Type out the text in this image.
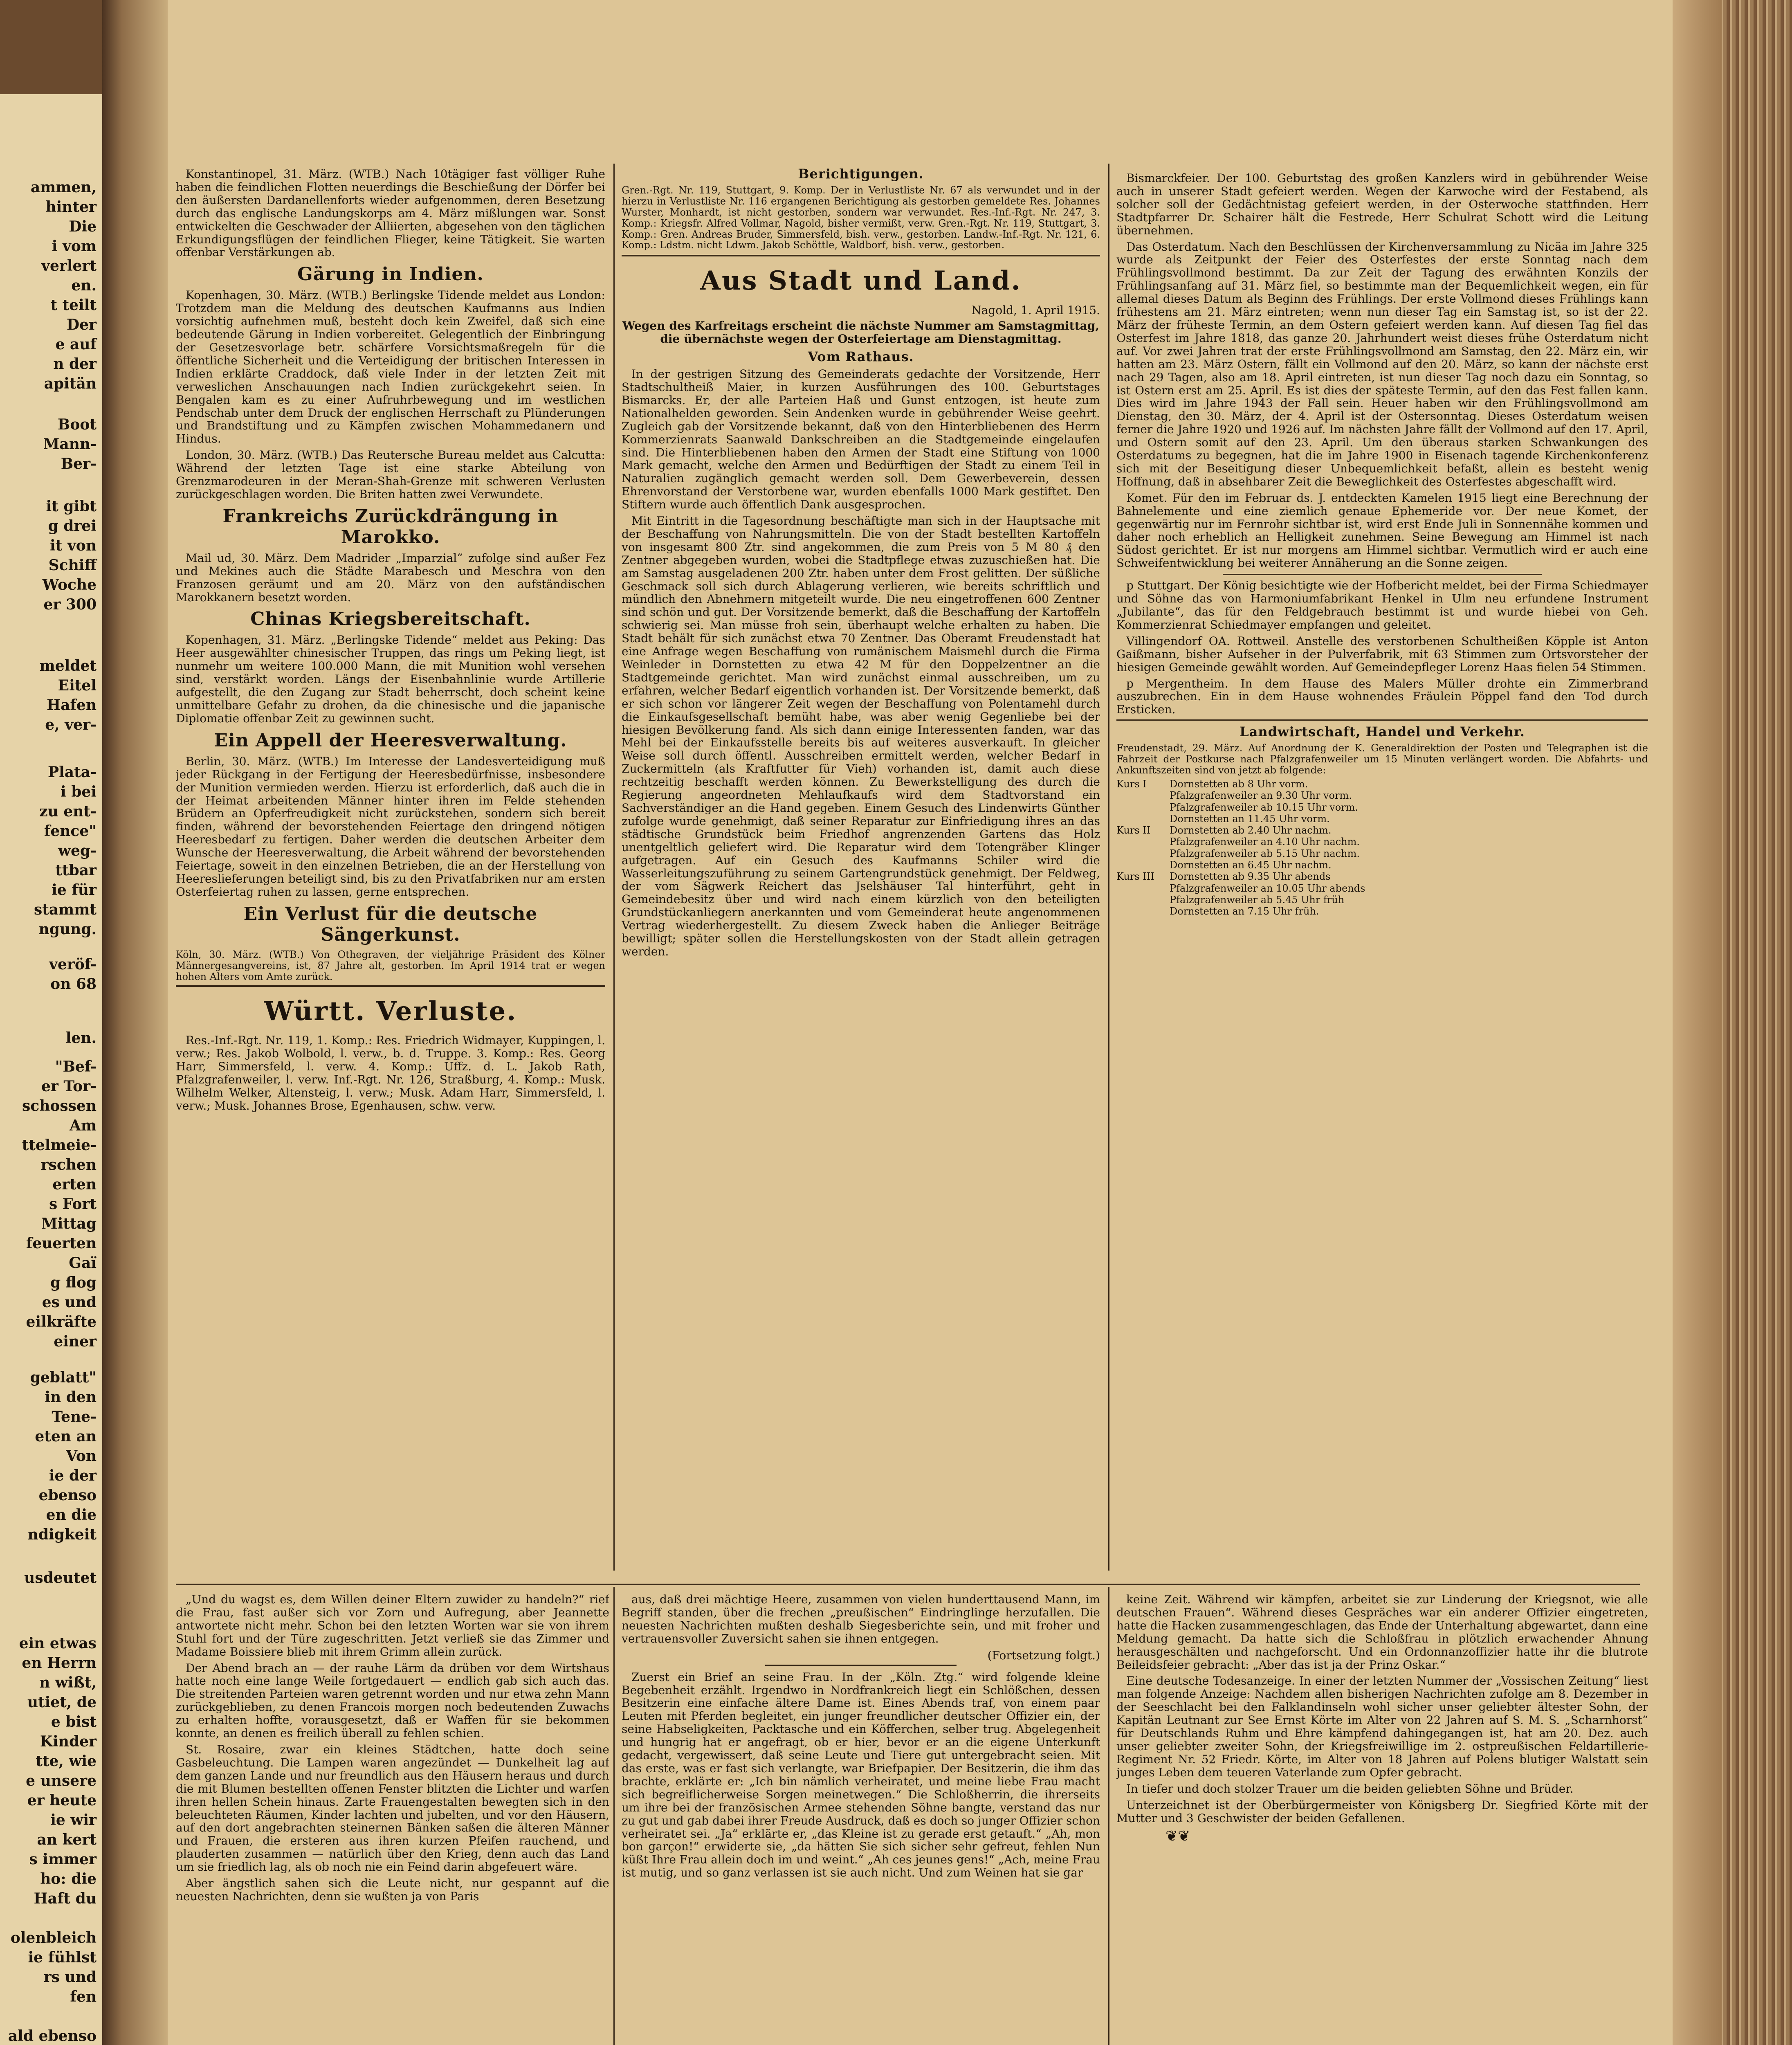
ammen,
hinter
Die
i vom
verlert
en.
t teilt
Der
e auf
n der
apitän
Boot
Mann-
Ber-
it gibt
g drei
it von
Schiff
Woche
er 300
meldet
Eitel
Hafen
e, ver-
Plata-
i bei
zu ent-
fence"
weg-
ttbar
ie für
stammt
ngung.
veröf-
on 68
len.
"Bef-
er Tor-
schossen
Am
ttelmeie-
rschen
erten
s Fort
Mittag
feuerten
Gaï
g flog
es und
eilkräfte
einer
geblatt"
in den
Tene-
eten an
Von
ie der
ebenso
en die
ndigkeit
usdeutet
ein etwas
en Herrn
n wißt,
utiet, de
e bist
Kinder
tte, wie
e unsere
er heute
ie wir
an kert
s immer
ho: die
Haft du
olenbleich
ie fühlst
rs und
fen
ald ebenso

Konstantinopel, 31. März. (WTB.) Nach 10tägiger fast völliger Ruhe haben die feindlichen Flotten neuerdings die Beschießung der Dörfer bei den äußersten Dardanellenforts wieder aufgenommen, deren Besetzung durch das englische Landungskorps am 4. März mißlungen war. Sonst entwickelten die Geschwader der Alliierten, abgesehen von den täglichen Erkundigungsflügen der feindlichen Flieger, keine Tätigkeit. Sie warten offenbar Verstärkungen ab.

Gärung in Indien.

Kopenhagen, 30. März. (WTB.) Berlingske Tidende meldet aus London: Trotzdem man die Meldung des deutschen Kaufmanns aus Indien vorsichtig aufnehmen muß, besteht doch kein Zweifel, daß sich eine bedeutende Gärung in Indien vorbereitet. Gelegentlich der Einbringung der Gesetzesvorlage betr. schärfere Vorsichtsmaßregeln für die öffentliche Sicherheit und die Verteidigung der britischen Interessen in Indien erklärte Craddock, daß viele Inder in der letzten Zeit mit verweslichen Anschauungen nach Indien zurückgekehrt seien. In Bengalen kam es zu einer Aufruhrbewegung und im westlichen Pendschab unter dem Druck der englischen Herrschaft zu Plünderungen und Brandstiftung und zu Kämpfen zwischen Mohammedanern und Hindus.

London, 30. März. (WTB.) Das Reutersche Bureau meldet aus Calcutta: Während der letzten Tage ist eine starke Abteilung von Grenzmarodeuren in der Meran-Shah-Grenze mit schweren Verlusten zurückgeschlagen worden. Die Briten hatten zwei Verwundete.

Frankreichs Zurückdrängung in Marokko.

Mail ud, 30. März. Dem Madrider „Imparzial“ zufolge sind außer Fez und Mekines auch die Städte Marabesch und Meschra von den Franzosen geräumt und am 20. März von den aufständischen Marokkanern besetzt worden.

Chinas Kriegsbereitschaft.

Kopenhagen, 31. März. „Berlingske Tidende“ meldet aus Peking: Das Heer ausgewählter chinesischer Truppen, das rings um Peking liegt, ist nunmehr um weitere 100.000 Mann, die mit Munition wohl versehen sind, verstärkt worden. Längs der Eisenbahnlinie wurde Artillerie aufgestellt, die den Zugang zur Stadt beherrscht, doch scheint keine unmittelbare Gefahr zu drohen, da die chinesische und die japanische Diplomatie offenbar Zeit zu gewinnen sucht.

Ein Appell der Heeresverwaltung.

Berlin, 30. März. (WTB.) Im Interesse der Landesverteidigung muß jeder Rückgang in der Fertigung der Heeresbedürfnisse, insbesondere der Munition vermieden werden. Hierzu ist erforderlich, daß auch die in der Heimat arbeitenden Männer hinter ihren im Felde stehenden Brüdern an Opferfreudigkeit nicht zurückstehen, sondern sich bereit finden, während der bevorstehenden Feiertage den dringend nötigen Heeresbedarf zu fertigen. Daher werden die deutschen Arbeiter dem Wunsche der Heeresverwaltung, die Arbeit während der bevorstehenden Feiertage, soweit in den einzelnen Betrieben, die an der Herstellung von Heereslieferungen beteiligt sind, bis zu den Privatfabriken nur am ersten Osterfeiertag ruhen zu lassen, gerne entsprechen.

Ein Verlust für die deutsche Sängerkunst.

Köln, 30. März. (WTB.) Von Othegraven, der vieljährige Präsident des Kölner Männergesangvereins, ist, 87 Jahre alt, gestorben. Im April 1914 trat er wegen hohen Alters vom Amte zurück.

Württ. Verluste.

Res.-Inf.-Rgt. Nr. 119, 1. Komp.: Res. Friedrich Widmayer, Kuppingen, l. verw.; Res. Jakob Wolbold, l. verw., b. d. Truppe. 3. Komp.: Res. Georg Harr, Simmersfeld, l. verw. 4. Komp.: Uffz. d. L. Jakob Rath, Pfalzgrafenweiler, l. verw. Inf.-Rgt. Nr. 126, Straßburg, 4. Komp.: Musk. Wilhelm Welker, Altensteig, l. verw.; Musk. Adam Harr, Simmersfeld, l. verw.; Musk. Johannes Brose, Egenhausen, schw. verw.

Berichtigungen.

Gren.-Rgt. Nr. 119, Stuttgart, 9. Komp. Der in Verlustliste Nr. 67 als verwundet und in der hierzu in Verlustliste Nr. 116 ergangenen Berichtigung als gestorben gemeldete Res. Johannes Wurster, Monhardt, ist nicht gestorben, sondern war verwundet. Res.-Inf.-Rgt. Nr. 247, 3. Komp.: Kriegsfr. Alfred Vollmar, Nagold, bisher vermißt, verw. Gren.-Rgt. Nr. 119, Stuttgart, 3. Komp.: Gren. Andreas Bruder, Simmersfeld, bish. verw., gestorben. Landw.-Inf.-Rgt. Nr. 121, 6. Komp.: Ldstm. nicht Ldwm. Jakob Schöttle, Waldborf, bish. verw., gestorben.

Aus Stadt und Land.
Nagold, 1. April 1915.

Wegen des Karfreitags erscheint die nächste Nummer am Samstagmittag, die übernächste wegen der Osterfeiertage am Dienstagmittag.

Vom Rathaus.

In der gestrigen Sitzung des Gemeinderats gedachte der Vorsitzende, Herr Stadtschultheiß Maier, in kurzen Ausführungen des 100. Geburtstages Bismarcks. Er, der alle Parteien Haß und Gunst entzogen, ist heute zum Nationalhelden geworden. Sein Andenken wurde in gebührender Weise geehrt. Zugleich gab der Vorsitzende bekannt, daß von den Hinterbliebenen des Herrn Kommerzienrats Saanwald Dankschreiben an die Stadtgemeinde eingelaufen sind. Die Hinterbliebenen haben den Armen der Stadt eine Stiftung von 1000 Mark gemacht, welche den Armen und Bedürftigen der Stadt zu einem Teil in Naturalien zugänglich gemacht werden soll. Dem Gewerbeverein, dessen Ehrenvorstand der Verstorbene war, wurden ebenfalls 1000 Mark gestiftet. Den Stiftern wurde auch öffentlich Dank ausgesprochen.

Mit Eintritt in die Tagesordnung beschäftigte man sich in der Hauptsache mit der Beschaffung von Nahrungsmitteln. Die von der Stadt bestellten Kartoffeln von insgesamt 800 Ztr. sind angekommen, die zum Preis von 5 M 80 ₰ den Zentner abgegeben wurden, wobei die Stadtpflege etwas zuzuschießen hat. Die am Samstag ausgeladenen 200 Ztr. haben unter dem Frost gelitten. Der süßliche Geschmack soll sich durch Ablagerung verlieren, wie bereits schriftlich und mündlich den Abnehmern mitgeteilt wurde. Die neu eingetroffenen 600 Zentner sind schön und gut. Der Vorsitzende bemerkt, daß die Beschaffung der Kartoffeln schwierig sei. Man müsse froh sein, überhaupt welche erhalten zu haben. Die Stadt behält für sich zunächst etwa 70 Zentner. Das Oberamt Freudenstadt hat eine Anfrage wegen Beschaffung von rumänischem Maismehl durch die Firma Weinleder in Dornstetten zu etwa 42 M für den Doppelzentner an die Stadtgemeinde gerichtet. Man wird zunächst einmal ausschreiben, um zu erfahren, welcher Bedarf eigentlich vorhanden ist. Der Vorsitzende bemerkt, daß er sich schon vor längerer Zeit wegen der Beschaffung von Polentamehl durch die Einkaufsgesellschaft bemüht habe, was aber wenig Gegenliebe bei der hiesigen Bevölkerung fand. Als sich dann einige Interessenten fanden, war das Mehl bei der Einkaufsstelle bereits bis auf weiteres ausverkauft. In gleicher Weise soll durch öffentl. Ausschreiben ermittelt werden, welcher Bedarf in Zuckermitteln (als Kraftfutter für Vieh) vorhanden ist, damit auch diese rechtzeitig beschafft werden können. Zu Bewerkstelligung des durch die Regierung angeordneten Mehlaufkaufs wird dem Stadtvorstand ein Sachverständiger an die Hand gegeben. Einem Gesuch des Lindenwirts Günther zufolge wurde genehmigt, daß seiner Reparatur zur Einfriedigung ihres an das städtische Grundstück beim Friedhof angrenzenden Gartens das Holz unentgeltlich geliefert wird. Die Reparatur wird dem Totengräber Klinger aufgetragen. Auf ein Gesuch des Kaufmanns Schiler wird die Wasserleitungszuführung zu seinem Gartengrundstück genehmigt. Der Feldweg, der vom Sägwerk Reichert das Jselshäuser Tal hinterführt, geht in Gemeindebesitz über und wird nach einem kürzlich von den beteiligten Grundstückanliegern anerkannten und vom Gemeinderat heute angenommenen Vertrag wiederhergestellt. Zu diesem Zweck haben die Anlieger Beiträge bewilligt; später sollen die Herstellungskosten von der Stadt allein getragen werden.

Bismarckfeier. Der 100. Geburtstag des großen Kanzlers wird in gebührender Weise auch in unserer Stadt gefeiert werden. Wegen der Karwoche wird der Festabend, als solcher soll der Gedächtnistag gefeiert werden, in der Osterwoche stattfinden. Herr Stadtpfarrer Dr. Schairer hält die Festrede, Herr Schulrat Schott wird die Leitung übernehmen.

Das Osterdatum. Nach den Beschlüssen der Kirchenversammlung zu Nicäa im Jahre 325 wurde als Zeitpunkt der Feier des Osterfestes der erste Sonntag nach dem Frühlingsvollmond bestimmt. Da zur Zeit der Tagung des erwähnten Konzils der Frühlingsanfang auf 31. März fiel, so bestimmte man der Bequemlichkeit wegen, ein für allemal dieses Datum als Beginn des Frühlings. Der erste Vollmond dieses Frühlings kann frühestens am 21. März eintreten; wenn nun dieser Tag ein Samstag ist, so ist der 22. März der früheste Termin, an dem Ostern gefeiert werden kann. Auf diesen Tag fiel das Osterfest im Jahre 1818, das ganze 20. Jahrhundert weist dieses frühe Osterdatum nicht auf. Vor zwei Jahren trat der erste Frühlingsvollmond am Samstag, den 22. März ein, wir hatten am 23. März Ostern, fällt ein Vollmond auf den 20. März, so kann der nächste erst nach 29 Tagen, also am 18. April eintreten, ist nun dieser Tag noch dazu ein Sonntag, so ist Ostern erst am 25. April. Es ist dies der späteste Termin, auf den das Fest fallen kann. Dies wird im Jahre 1943 der Fall sein. Heuer haben wir den Frühlingsvollmond am Dienstag, den 30. März, der 4. April ist der Ostersonntag. Dieses Osterdatum weisen ferner die Jahre 1920 und 1926 auf. Im nächsten Jahre fällt der Vollmond auf den 17. April, und Ostern somit auf den 23. April. Um den überaus starken Schwankungen des Osterdatums zu begegnen, hat die im Jahre 1900 in Eisenach tagende Kirchenkonferenz sich mit der Beseitigung dieser Unbequemlichkeit befaßt, allein es besteht wenig Hoffnung, daß in absehbarer Zeit die Beweglichkeit des Osterfestes abgeschafft wird.

Komet. Für den im Februar ds. J. entdeckten Kamelen 1915 liegt eine Berechnung der Bahnelemente und eine ziemlich genaue Ephemeride vor. Der neue Komet, der gegenwärtig nur im Fernrohr sichtbar ist, wird erst Ende Juli in Sonnennähe kommen und daher noch erheblich an Helligkeit zunehmen. Seine Bewegung am Himmel ist nach Südost gerichtet. Er ist nur morgens am Himmel sichtbar. Vermutlich wird er auch eine Schweifentwicklung bei weiterer Annäherung an die Sonne zeigen.

p Stuttgart. Der König besichtigte wie der Hofbericht meldet, bei der Firma Schiedmayer und Söhne das von Harmoniumfabrikant Henkel in Ulm neu erfundene Instrument „Jubilante“, das für den Feldgebrauch bestimmt ist und wurde hiebei von Geh. Kommerzienrat Schiedmayer empfangen und geleitet.

Villingendorf OA. Rottweil. Anstelle des verstorbenen Schultheißen Köpple ist Anton Gaißmann, bisher Aufseher in der Pulverfabrik, mit 63 Stimmen zum Ortsvorsteher der hiesigen Gemeinde gewählt worden. Auf Gemeindepfleger Lorenz Haas fielen 54 Stimmen.

p Mergentheim. In dem Hause des Malers Müller drohte ein Zimmerbrand auszubrechen. Ein in dem Hause wohnendes Fräulein Pöppel fand den Tod durch Ersticken.

Landwirtschaft, Handel und Verkehr.

Freudenstadt, 29. März. Auf Anordnung der K. Generaldirektion der Posten und Telegraphen ist die Fahrzeit der Postkurse nach Pfalzgrafenweiler um 15 Minuten verlängert worden. Die Abfahrts- und Ankunftszeiten sind von jetzt ab folgende:

Kurs I	Dornstetten ab 8 Uhr vorm.
Pfalzgrafenweiler an 9.30 Uhr vorm.
Pfalzgrafenweiler ab 10.15 Uhr vorm.
Dornstetten an 11.45 Uhr vorm.
Kurs II	Dornstetten ab 2.40 Uhr nachm.
Pfalzgrafenweiler an 4.10 Uhr nachm.
Pfalzgrafenweiler ab 5.15 Uhr nachm.
Dornstetten an 6.45 Uhr nachm.
Kurs III	Dornstetten ab 9.35 Uhr abends
Pfalzgrafenweiler an 10.05 Uhr abends
Pfalzgrafenweiler ab 5.45 Uhr früh
Dornstetten an 7.15 Uhr früh.

„Und du wagst es, dem Willen deiner Eltern zuwider zu handeln?“ rief die Frau, fast außer sich vor Zorn und Aufregung, aber Jeannette antwortete nicht mehr. Schon bei den letzten Worten war sie von ihrem Stuhl fort und der Türe zugeschritten. Jetzt verließ sie das Zimmer und Madame Boissiere blieb mit ihrem Grimm allein zurück.

Der Abend brach an — der rauhe Lärm da drüben vor dem Wirtshaus hatte noch eine lange Weile fortgedauert — endlich gab sich auch das. Die streitenden Parteien waren getrennt worden und nur etwa zehn Mann zurückgeblieben, zu denen Francois morgen noch bedeutenden Zuwachs zu erhalten hoffte, vorausgesetzt, daß er Waffen für sie bekommen konnte, an denen es freilich überall zu fehlen schien.

St. Rosaire, zwar ein kleines Städtchen, hatte doch seine Gasbeleuchtung. Die Lampen waren angezündet — Dunkelheit lag auf dem ganzen Lande und nur freundlich aus den Häusern heraus und durch die mit Blumen bestellten offenen Fenster blitzten die Lichter und warfen ihren hellen Schein hinaus. Zarte Frauengestalten bewegten sich in den beleuchteten Räumen, Kinder lachten und jubelten, und vor den Häusern, auf den dort angebrachten steinernen Bänken saßen die älteren Männer und Frauen, die ersteren aus ihren kurzen Pfeifen rauchend, und plauderten zusammen — natürlich über den Krieg, denn auch das Land um sie friedlich lag, als ob noch nie ein Feind darin abgefeuert wäre.

Aber ängstlich sahen sich die Leute nicht, nur gespannt auf die neuesten Nachrichten, denn sie wußten ja von Paris

aus, daß drei mächtige Heere, zusammen von vielen hunderttausend Mann, im Begriff standen, über die frechen „preußischen“ Eindringlinge herzufallen. Die neuesten Nachrichten mußten deshalb Siegesberichte sein, und mit froher und vertrauensvoller Zuversicht sahen sie ihnen entgegen.

(Fortsetzung folgt.)

Zuerst ein Brief an seine Frau. In der „Köln. Ztg.“ wird folgende kleine Begebenheit erzählt. Irgendwo in Nordfrankreich liegt ein Schlößchen, dessen Besitzerin eine einfache ältere Dame ist. Eines Abends traf, von einem paar Leuten mit Pferden begleitet, ein junger freundlicher deutscher Offizier ein, der seine Habseligkeiten, Packtasche und ein Köfferchen, selber trug. Abgelegenheit und hungrig hat er angefragt, ob er hier, bevor er an die eigene Unterkunft gedacht, vergewissert, daß seine Leute und Tiere gut untergebracht seien. Mit das erste, was er fast sich verlangte, war Briefpapier. Der Besitzerin, die ihm das brachte, erklärte er: „Ich bin nämlich verheiratet, und meine liebe Frau macht sich begreiflicherweise Sorgen meinetwegen.“ Die Schloßherrin, die ihrerseits um ihre bei der französischen Armee stehenden Söhne bangte, verstand das nur zu gut und gab dabei ihrer Freude Ausdruck, daß es doch so junger Offizier schon verheiratet sei. „Ja“ erklärte er, „das Kleine ist zu gerade erst getauft.“ „Ah, mon bon garçon!“ erwiderte sie, „da hätten Sie sich sicher sehr gefreut, fehlen Nun küßt Ihre Frau allein doch im und weint.“ „Ah ces jeunes gens!“ „Ach, meine Frau ist mutig, und so ganz verlassen ist sie auch nicht. Und zum Weinen hat sie gar

keine Zeit. Während wir kämpfen, arbeitet sie zur Linderung der Kriegsnot, wie alle deutschen Frauen“. Während dieses Gespräches war ein anderer Offizier eingetreten, hatte die Hacken zusammengeschlagen, das Ende der Unterhaltung abgewartet, dann eine Meldung gemacht. Da hatte sich die Schloßfrau in plötzlich erwachender Ahnung herausgeschälten und nachgeforscht. Und ein Ordonnanzoffizier hatte ihr die blutrote Beileidsfeier gebracht: „Aber das ist ja der Prinz Oskar.“

Eine deutsche Todesanzeige. In einer der letzten Nummer der „Vossischen Zeitung“ liest man folgende Anzeige: Nachdem allen bisherigen Nachrichten zufolge am 8. Dezember in der Seeschlacht bei den Falklandinseln wohl sicher unser geliebter ältester Sohn, der Kapitän Leutnant zur See Ernst Körte im Alter von 22 Jahren auf S. M. S. „Scharnhorst“ für Deutschlands Ruhm und Ehre kämpfend dahingegangen ist, hat am 20. Dez. auch unser geliebter zweiter Sohn, der Kriegsfreiwillige im 2. ostpreußischen Feldartillerie-Regiment Nr. 52 Friedr. Körte, im Alter von 18 Jahren auf Polens blutiger Walstatt sein junges Leben dem teueren Vaterlande zum Opfer gebracht.

In tiefer und doch stolzer Trauer um die beiden geliebten Söhne und Brüder.

Unterzeichnet ist der Oberbürgermeister von Königsberg Dr. Siegfried Körte mit der Mutter und 3 Geschwister der beiden Gefallenen.

❦❦
